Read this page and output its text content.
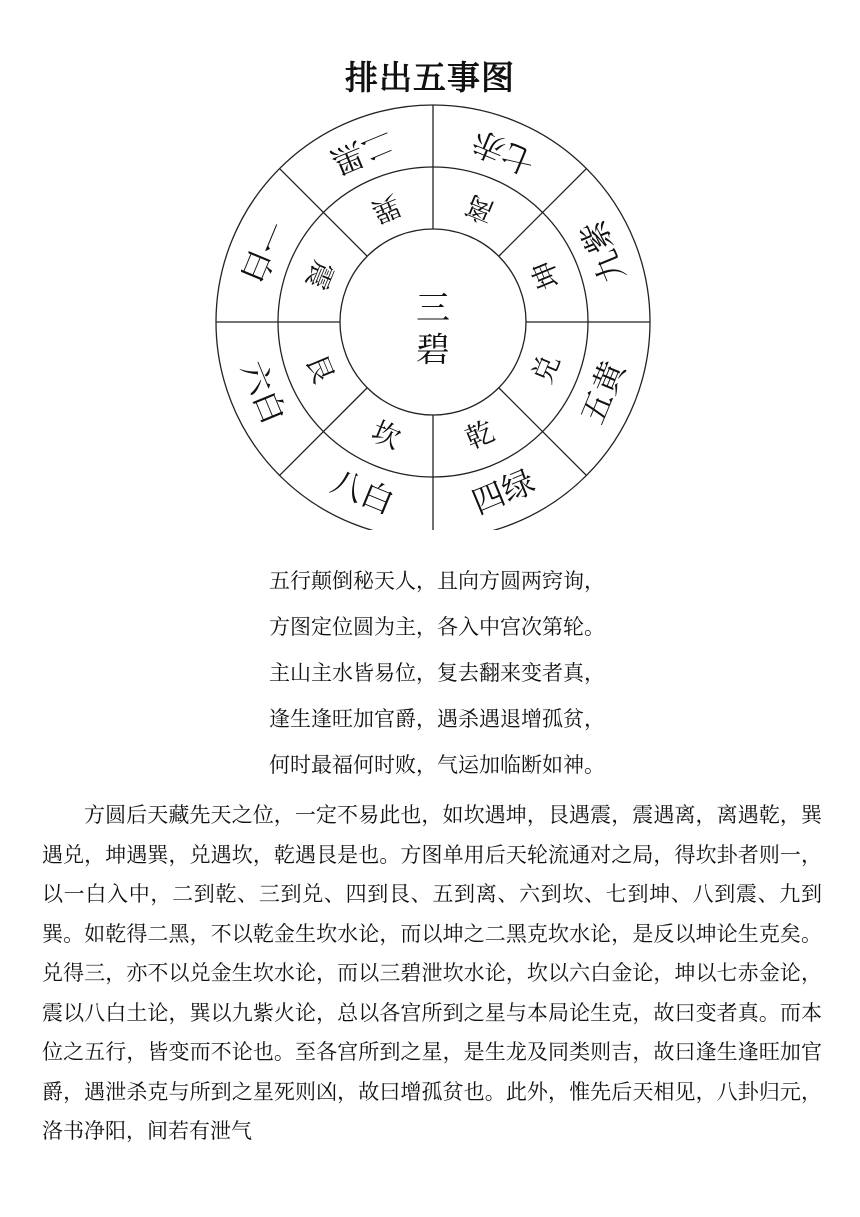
排出五事图
七赤
九紫
五黄
四绿
八白
六白
一白
二黑
离
坤
兑
乾
坎
艮
震
巽
三
碧
五行颠倒秘天人，且向方圆两窍询，
方图定位圆为主，各入中宫次第轮。
主山主水皆易位，复去翻来变者真，
逢生逢旺加官爵，遇杀遇退增孤贫，
何时最福何时败，气运加临断如神。
方圆后天藏先天之位，一定不易此也，如坎遇坤，艮遇震，震遇离，离遇乾，巽遇兑，坤遇巽，兑遇坎，乾遇艮是也。方图单用后天轮流通对之局，得坎卦者则一，以一白入中，二到乾、三到兑、四到艮、五到离、六到坎、七到坤、八到震、九到巽。如乾得二黑，不以乾金生坎水论，而以坤之二黑克坎水论，是反以坤论生克矣。兑得三，亦不以兑金生坎水论，而以三碧泄坎水论，坎以六白金论，坤以七赤金论，震以八白土论，巽以九紫火论，总以各宫所到之星与本局论生克，故曰变者真。而本位之五行，皆变而不论也。至各宫所到之星，是生龙及同类则吉，故曰逢生逢旺加官爵，遇泄杀克与所到之星死则凶，故曰增孤贫也。此外，惟先后天相见，八卦归元，洛书净阳，间若有泄气
